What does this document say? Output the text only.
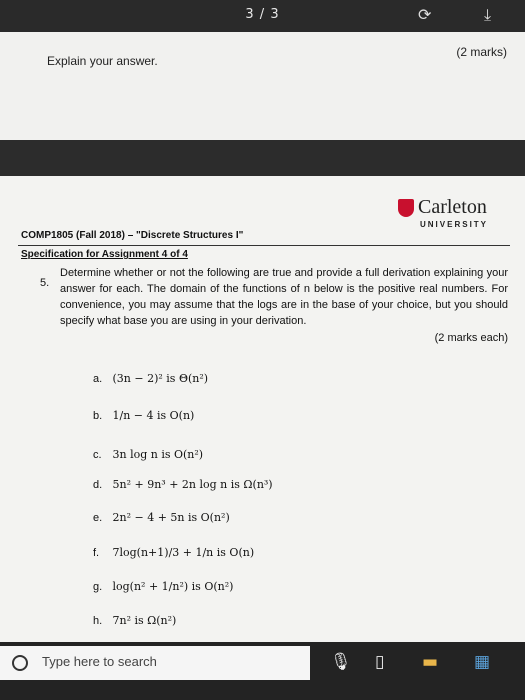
3 / 3	⟳	⤓
Explain your answer.
(2 marks)
Carleton
UNIVERSITY
COMP1805 (Fall 2018) – "Discrete Structures I"
Specification for Assignment 4 of 4
5.
Determine whether or not the following are true and provide a full derivation explaining your answer for each. The domain of the functions of n below is the positive real numbers. For convenience, you may assume that the logs are in the base of your choice, but you should specify what base you are using in your derivation.
(2 marks each)
a. (3n − 2)² is Θ(n²)
b. 1/n − 4 is O(n)
c. 3n log n is O(n²)
d. 5n² + 9n³ + 2n log n is Ω(n³)
e. 2n² − 4 + 5n is O(n²)
f. 7log(n+1)/3 + 1/n is O(n)
g. log(n² + 1/n²) is O(n²)
h. 7n² is Ω(n²)
Type here to search
🎙 ▯ ▬ ▦
